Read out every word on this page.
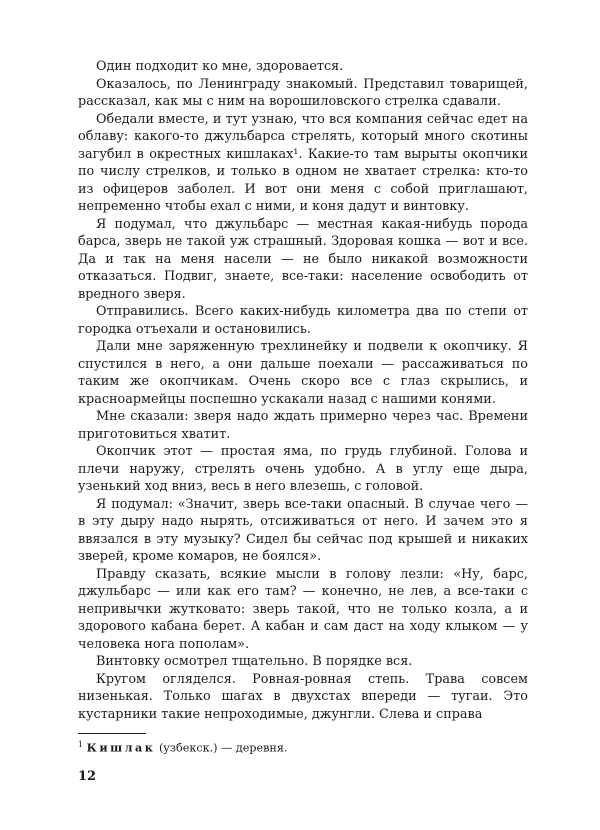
Один подходит ко мне, здоровается.

Оказалось, по Ленинграду знакомый. Представил товарищей, рассказал, как мы с ним на ворошиловского стрелка сдавали.

Обедали вместе, и тут узнаю, что вся компания сейчас едет на облаву: какого-то джульбарса стрелять, который много скотины загубил в окрестных кишлаках¹. Какие-то там вырыты окопчики по числу стрелков, и только в одном не хватает стрелка: кто-то из офицеров заболел. И вот они меня с собой приглашают, непременно чтобы ехал с ними, и коня дадут и винтовку.

Я подумал, что джульбарс — местная какая-нибудь порода барса, зверь не такой уж страшный. Здоровая кошка — вот и все. Да и так на меня насели — не было никакой возможности отказаться. Подвиг, знаете, все-таки: население освободить от вредного зверя.

Отправились. Всего каких-нибудь километра два по степи от городка отъехали и остановились.

Дали мне заряженную трехлинейку и подвели к окопчику. Я спустился в него, а они дальше поехали — рассаживаться по таким же окопчикам. Очень скоро все с глаз скрылись, и красноармейцы поспешно ускакали назад с нашими конями.

Мне сказали: зверя надо ждать примерно через час. Времени приготовиться хватит.

Окопчик этот — простая яма, по грудь глубиной. Голова и плечи наружу, стрелять очень удобно. А в углу еще дыра, узенький ход вниз, весь в него влезешь, с головой.

Я подумал: «Значит, зверь все-таки опасный. В случае чего — в эту дыру надо нырять, отсиживаться от него. И зачем это я ввязался в эту музыку? Сидел бы сейчас под крышей и никаких зверей, кроме комаров, не боялся».

Правду сказать, всякие мысли в голову лезли: «Ну, барс, джульбарс — или как его там? — конечно, не лев, а все-таки с непривычки жутковато: зверь такой, что не только козла, а и здорового кабана берет. А кабан и сам даст на ходу клыком — у человека нога пополам».

Винтовку осмотрел тщательно. В порядке вся.

Кругом огляделся. Ровная-ровная степь. Трава совсем низенькая. Только шагах в двухстах впереди — тугаи. Это кустарники такие непроходимые, джунгли. Слева и справа

$^1$ Кишлак (узбекск.) — деревня.
12
